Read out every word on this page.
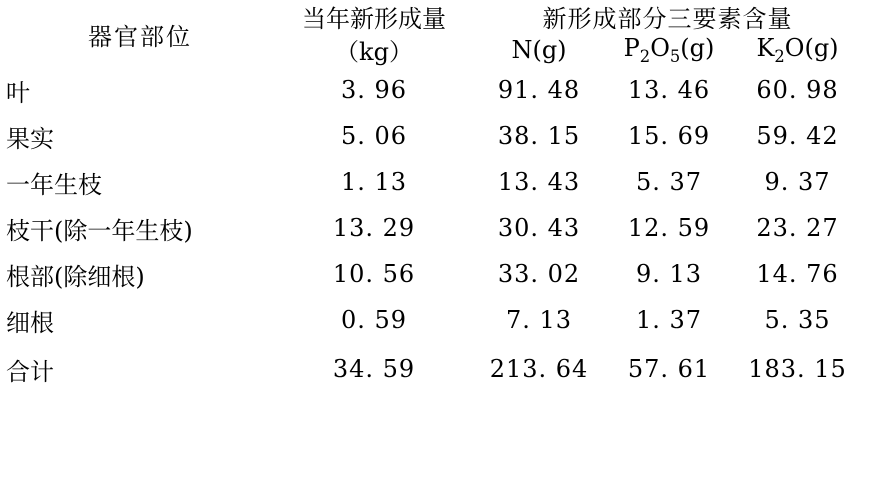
器官部位	当年新形成量	新形成部分三要素含量		
	（kg）	N(g)	$P_2O_5(g)$	$K_2O(g)$
叶	3. 96	91. 48	13. 46	60. 98
果实	5. 06	38. 15	15. 69	59. 42
一年生枝	1. 13	13. 43	5. 37	9. 37
枝干(除一年生枝)	13. 29	30. 43	12. 59	23. 27
根部(除细根)	10. 56	33. 02	9. 13	14. 76
细根	0. 59	7. 13	1. 37	5. 35
合计	34. 59	213. 64	57. 61	183. 15
